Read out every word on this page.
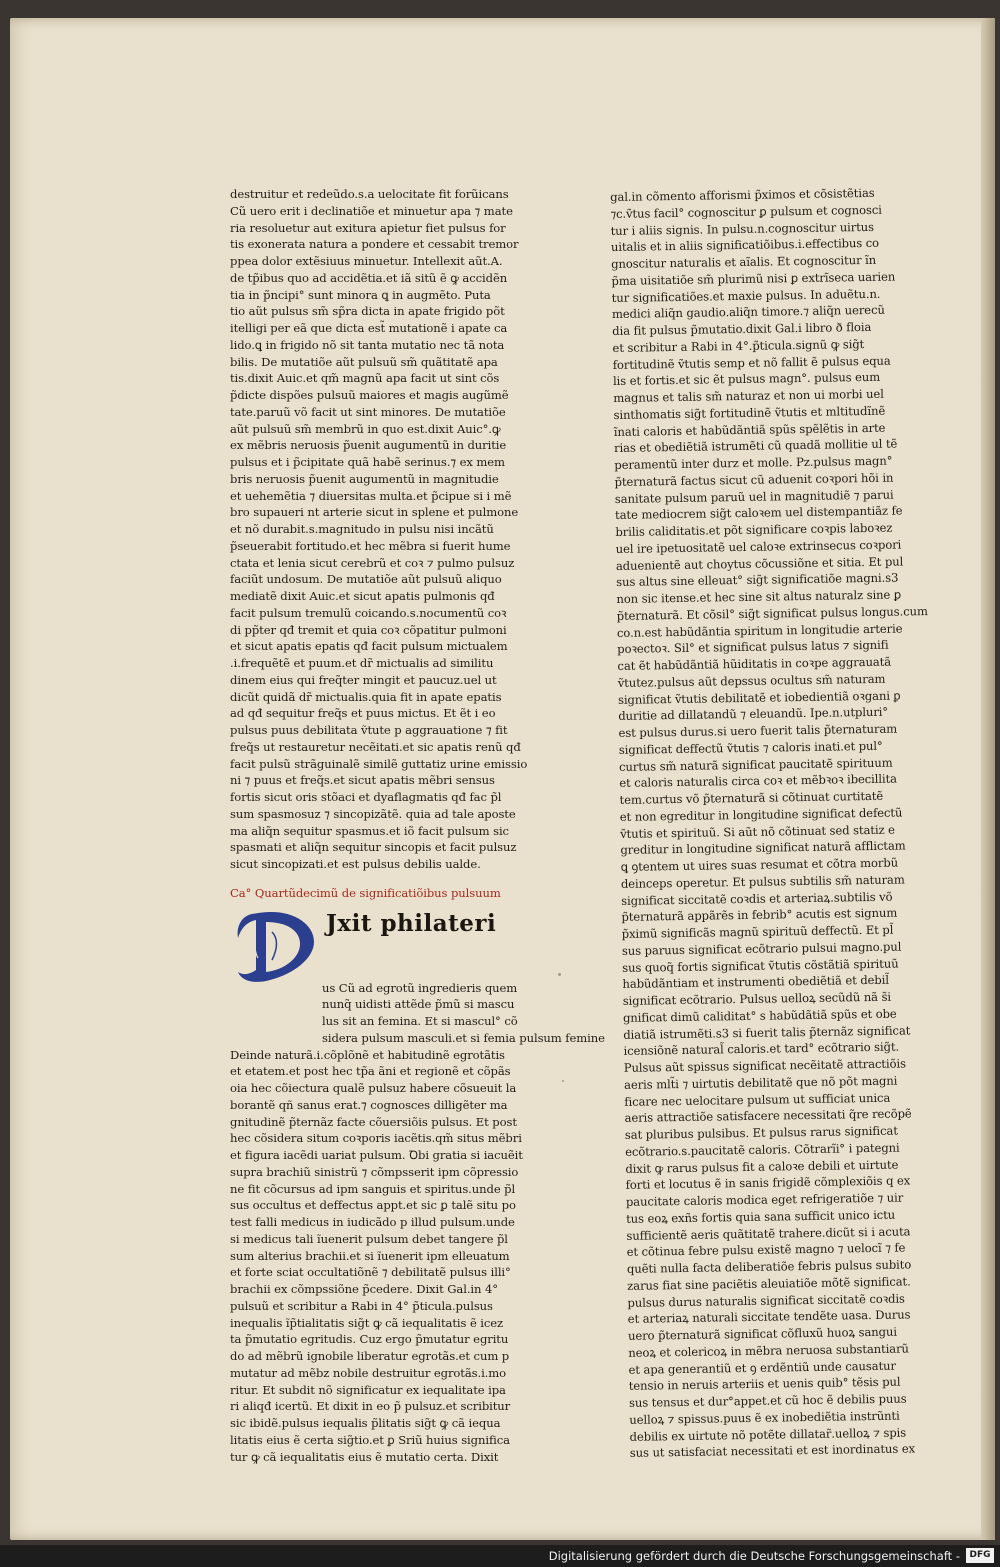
destruitur et redeũdo.s.a uelocitate fit forũicans

Cũ uero erit i declinatiõe et minuetur apa ⁊ mate

ria resoluetur aut exitura apietur fiet pulsus for

tis exonerata natura a pondere et cessabit tremor

ppea dolor extẽsiuus minuetur. Intellexit aũt.A.

de tp̃ibus quo ad accidẽtia.et iã sitũ ẽ ꝙ accidẽn

tia in p̃ncipi° sunt minora ꝗ in augmẽto. Puta

tio aũt pulsus sm̃ sp̃ra dicta in apate frigido põt

itelligi per eã que dicta est̃ mutationẽ i apate ca

lido.ꝗ in frigido nõ sit tanta mutatio nec tã nota

bilis. De mutatiõe aũt pulsuũ sm̃ quãtitatẽ apa

tis.dixit Auic.et qm̃ magnũ apa facit ut sint cõs

p̃dicte dispões pulsuũ maiores et magis augũmẽ

tate.paruũ võ facit ut sint minores. De mutatiõe

aũt pulsuũ sm̃ membrũ in quo est.dixit Auic°.ꝙ

ex mẽbris neruosis p̃uenit augumentũ in duritie

pulsus et i p̃cipitate quã habẽ serinus.⁊ ex mem

bris neruosis p̃uenit augumentũ in magnitudie

et uehemẽtia ⁊ diuersitas multa.et p̃cipue si i mẽ

bro supaueri nt arterie sicut in splene et pulmone

et nõ durabit.s.magnitudo in pulsu nisi incãtũ

p̃seuerabit fortitudo.et hec mẽbra si fuerit hume

ctata et lenia sicut cerebrũ et coꝛ ⁊ pulmo pulsuz

faciũt undosum. De mutatiõe aũt pulsuũ aliquo

mediatẽ dixit Auic.et sicut apatis pulmonis qđ

facit pulsum tremulũ coicando.s.nocumentũ coꝛ

di pp̃ter qđ tremit et quia coꝛ cõpatitur pulmoni

et sicut apatis epatis qđ facit pulsum mictualem

.i.frequẽtẽ et puum.et dr̃ mictualis ad similitu

dinem eius qui freq̃ter mingit et paucuz.uel ut

dicũt quidã dr̃ mictualis.quia fit in apate epatis

ad qđ sequitur freq̃s et puus mictus. Et ẽt i eo

pulsus puus debilitata ṽtute p aggrauatione ⁊ fit

freq̃s ut restauretur necẽitati.et sic apatis renũ qđ

facit pulsũ strãguinalẽ similẽ guttatiz urine emissio

ni ⁊ puus et freq̃s.et sicut apatis mẽbri sensus

fortis sicut oris stõaci et dyaflagmatis qđ fac p̃l

sum spasmosuz ⁊ sincopizãtẽ. quia ad tale aposte

ma aliq̃n sequitur spasmus.et iõ facit pulsum sic

spasmati et aliq̃n sequitur sincopis et facit pulsuz

sicut sincopizati.et est pulsus debilis ualde.

Ca° Quartũdecimũ de significatiõibus pulsuum

Jxit philateri

us Cũ ad egrotũ ingredieris quem

nunq̃ uidisti attẽde p̃mũ si mascu

lus sit an femina. Et si mascul° cõ

sidera pulsum masculi.et si femia pulsum femine

Deinde naturã.i.cõplõnẽ et habitudinẽ egrotãtis

et etatem.et post hec tp̃a ãni et regionẽ et cõpãs

oia hec cõiectura qualẽ pulsuz habere cõsueuit la

borantẽ qñ sanus erat.⁊ cognosces dilligẽter ma

gnitudinẽ p̃ternãz facte cõuersiõis pulsus. Et post

hec cõsidera situm coꝛporis iacẽtis.qm̃ situs mẽbri

et figura iacẽdi uariat pulsum. Ꝺbi gratia si iacuẽit

supra brachiũ sinistrũ ⁊ cõmpsserit ipm cõpressio

ne fit cõcursus ad ipm sanguis et spiritus.unde p̃l

sus occultus et deffectus appt.et sic ꝑ talẽ situ po

test falli medicus in iudicãdo p illud pulsum.unde

si medicus tali ĩuenerit pulsum debet tangere p̃l

sum alterius brachii.et si ĩuenerit ipm elleuatum

et forte sciat occultatiõnẽ ⁊ debilitatẽ pulsus illi°

brachii ex cõmpssiõne p̃cedere. Dixit Gal.in 4°

pulsuũ et scribitur a Rabi in 4° p̃ticula.pulsus

inequalis ĩp̃tialitatis sig̃t ꝙ cã iequalitatis ẽ icez

ta p̃mutatio egritudis. Cuz ergo p̃mutatur egritu

do ad mẽbrũ ignobile liberatur egrotãs.et cum p

mutatur ad mẽbz nobile destruitur egrotãs.i.mo

ritur. Et subdit nõ significatur ex iequalitate ipa

ri aliqđ icertũ. Et dixit in eo p̃ pulsuz.et scribitur

sic ibidẽ.pulsus iequalis p̃litatis sig̃t ꝙ cã iequa

litatis eius ẽ certa sig̃tio.et ꝑ Sriũ huius significa

tur ꝙ cã iequalitatis eius ẽ mutatio certa. Dixit

gal.in cõmento afforismi p̃ximos et cõsistẽtias

⁊c.ṽtus facil° cognoscitur ꝑ pulsum et cognosci

tur i aliis signis. In pulsu.n.cognoscitur uirtus

uitalis et in aliis significatiõibus.i.effectibus co

gnoscitur naturalis et aĩalis. Et cognoscitur ĩn

p̃ma uisitatiõe sm̃ plurimũ nisi ꝑ extrĩseca uarien

tur significatiões.et maxie pulsus. In aduẽtu.n.

medici aliq̃n gaudio.aliq̃n timore.⁊ aliq̃n uerecũ

dia fit pulsus p̃mutatio.dixit Gal.i libro ð floia

et scribitur a Rabi in 4°.p̃ticula.signũ ꝙ sig̃t

fortitudinẽ ṽtutis semp et nõ fallit ẽ pulsus equa

lis et fortis.et sic ẽt pulsus magn°. pulsus eum

magnus et talis sm̃ naturaz et non ui morbi uel

sinthomatis sig̃t fortitudinẽ ṽtutis et mltitudĩnẽ

ĩnati caloris et habũdãntiã spũs spẽlẽtis in arte

rias et obediẽtiã istrumẽti cũ quadã mollitie ul tẽ

peramentũ inter durz et molle. Pz.pulsus magn°

p̃ternaturã factus sicut cũ aduenit coꝛpori hõi in

sanitate pulsum paruũ uel in magnitudiẽ ⁊ parui

tate mediocrem sig̃t caloꝛem uel distempantiãz fe

brilis caliditatis.et põt significare coꝛpis laboꝛez

uel ire ipetuositatẽ uel caloꝛe extrinsecus coꝛpori

aduenientẽ aut choytus cõcussiõne et sitia. Et pul

sus altus sine elleuat° sig̃t significatiõe magni.s3

non sic itense.et hec sine sit altus naturalz sine ꝑ

p̃ternaturã. Et cõsil° sig̃t significat pulsus longus.cum

co.n.est habũdãntia spiritum in longitudie arterie

poꝛectoꝛ. Sil° et significat pulsus latus ⁊ signifi

cat ẽt habũdãntiã hũiditatis in coꝛpe aggrauatã

ṽtutez.pulsus aũt depssus ocultus sm̃ naturam

significat ṽtutis debilitatẽ et iobedientiã oꝛgani ꝑ

duritie ad dillatandũ ⁊ eleuandũ. Ipe.n.utpluri°

est pulsus durus.si uero fuerit talis p̃ternaturam

significat deffectũ ṽtutis ⁊ caloris inati.et pul°

curtus sm̃ naturã significat paucitatẽ spirituum

et caloris naturalis circa coꝛ et mẽbꝛoꝛ ibecillita

tem.curtus võ p̃ternaturã si cõtinuat curtitatẽ

et non egreditur in longitudine significat defectũ

ṽtutis et spirituũ. Si aũt nõ cõtinuat sed statiz e

greditur in longitudine significat naturã afflictam

ꝗ ꝯtentem ut uires suas resumat et cõtra morbũ

deinceps operetur. Et pulsus subtilis sm̃ naturam

significat siccitatẽ coꝛdis et arteriaꝝ.subtilis võ

p̃ternaturã appãrẽs in febrib° acutis est signum

p̃ximũ significãs magnũ spirituũ deffectũ. Et pl̃

sus paruus significat ecõtrario pulsui magno.pul

sus quoq̃ fortis significat ṽtutis cõstãtiã spirituũ

habũdãntiam et instrumenti obediẽtiã et debil̃

significat ecõtrario. Pulsus uelloꝝ secũdũ nã s̃i

gnificat dimũ caliditat° s habũdãtiã spũs et obe

diatiã istrumẽti.s3 si fuerit talis p̃ternãz significat

icensiõnẽ natural̃ caloris.et tard° ecõtrario sig̃t.

Pulsus aũt spissus significat necẽitatẽ attractiõis

aeris mlt̃i ⁊ uirtutis debilitatẽ que nõ põt magni

ficare nec uelocitare pulsum ut sufficiat unica

aeris attractiõe satisfacere necessitati q̃re recõpẽ

sat pluribus pulsibus. Et pulsus rarus significat

ecõtrario.s.paucitatẽ caloris. Cõtrarĩi° i pategni

dixit ꝙ rarus pulsus fit a caloꝛe debili et uirtute

forti et locutus ẽ in sanis frigidẽ cõmplexiõis q ex

paucitate caloris modica eget refrigeratiõe ⁊ uir

tus eoꝝ exñs fortis quia sana sufficit unico ictu

sufficientẽ aeris quãtitatẽ trahere.dicũt si i acuta

et cõtinua febre pulsu existẽ magno ⁊ uelocĩ ⁊ fe

quẽti nulla facta deliberatiõe febris pulsus subito

zarus fiat sine paciẽtis aleuiatiõe mõtẽ significat.

pulsus durus naturalis significat siccitatẽ coꝛdis

et arteriaꝝ naturali siccitate tendẽte uasa. Durus

uero p̃ternaturã significat cõfluxũ huoꝝ sangui

neoꝝ et colericoꝝ in mẽbra neruosa substantiarũ

et apa generantiũ et ꝯ erdẽntiũ unde causatur

tensio in neruis arteriis et uenis quib° tẽsis pul

sus tensus et dur°appet.et cũ hoc ẽ debilis puus

uelloꝝ ⁊ spissus.puus ẽ ex inobediẽtia instrũnti

debilis ex uirtute nõ potẽte dillatar̃.uelloꝝ ⁊ spis

sus ut satisfaciat necessitati et est inordinatus ex

Digitalisierung gefördert durch die Deutsche Forschungsgemeinschaft -	DFG
